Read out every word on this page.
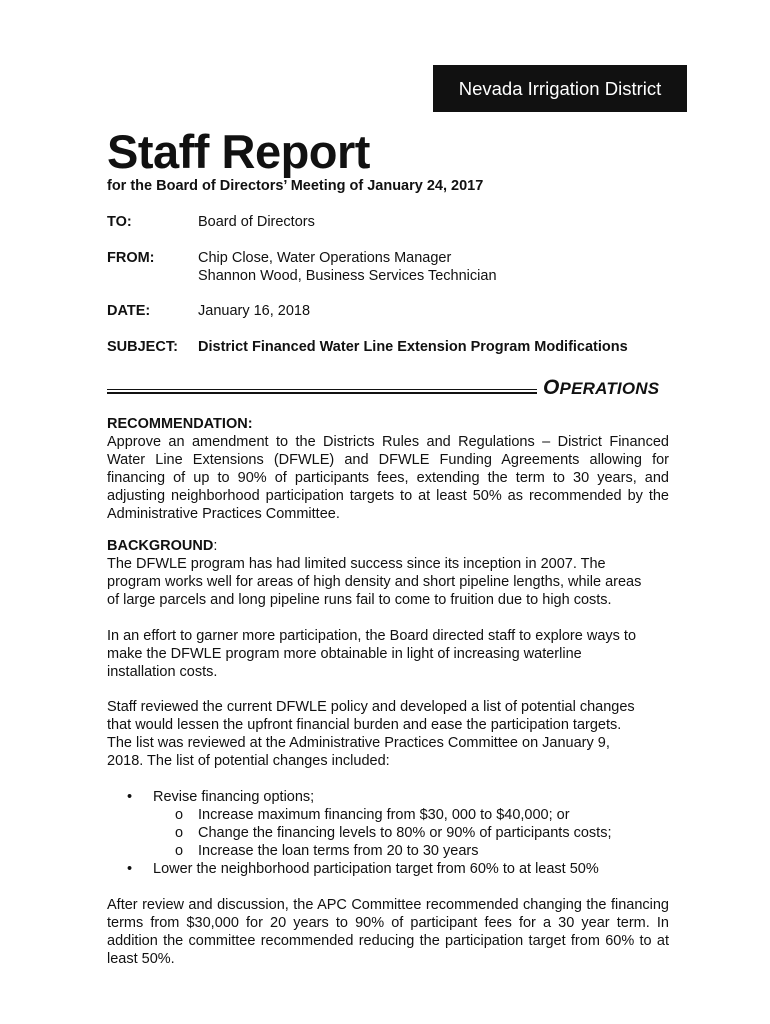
Nevada Irrigation District
Staff Report

for the Board of Directors’ Meeting of January 24, 2017

TO:	Board of Directors
FROM:	Chip Close, Water Operations Manager
Shannon Wood, Business Services Technician
DATE:	January 16, 2018
SUBJECT:	District Financed Water Line Extension Program Modifications
OPERATIONS
RECOMMENDATION:

Approve an amendment to the Districts Rules and Regulations – District Financed Water Line Extensions (DFWLE) and DFWLE Funding Agreements allowing for financing of up to 90% of participants fees, extending the term to 30 years, and adjusting neighborhood participation targets to at least 50% as recommended by the Administrative Practices Committee.

BACKGROUND:
The DFWLE program has had limited success since its inception in 2007. The
program works well for areas of high density and short pipeline lengths, while areas
of large parcels and long pipeline runs fail to come to fruition due to high costs.
In an effort to garner more participation, the Board directed staff to explore ways to
make the DFWLE program more obtainable in light of increasing waterline
installation costs.
Staff reviewed the current DFWLE policy and developed a list of potential changes
that would lessen the upfront financial burden and ease the participation targets.
The list was reviewed at the Administrative Practices Committee on January 9,
2018. The list of potential changes included:
• Revise financing options;
o Increase maximum financing from $30, 000 to $40,000; or
o Change the financing levels to 80% or 90% of participants costs;
o Increase the loan terms from 20 to 30 years
• Lower the neighborhood participation target from 60% to at least 50%

After review and discussion, the APC Committee recommended changing the financing terms from $30,000 for 20 years to 90% of participant fees for a 30 year term. In addition the committee recommended reducing the participation target from 60% to at least 50%.
